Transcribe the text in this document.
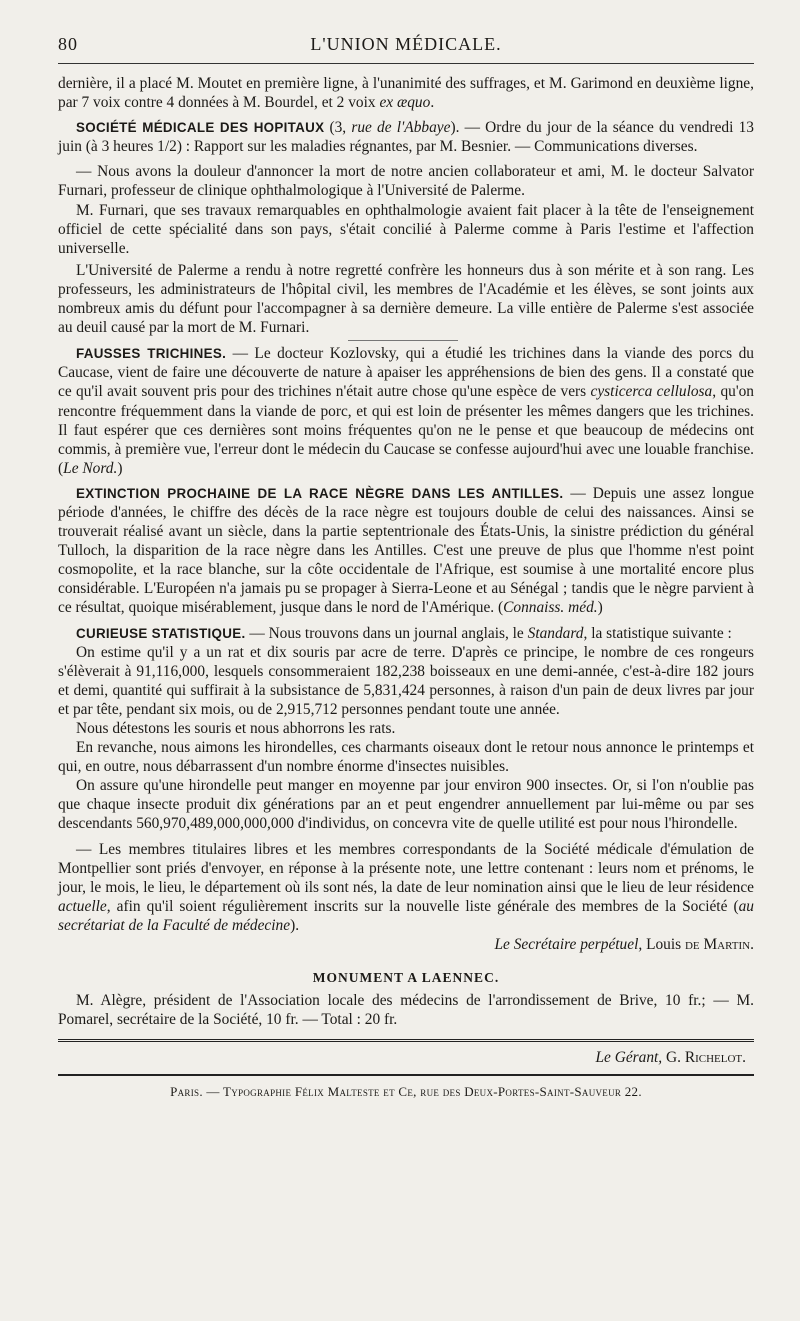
80	L'UNION MÉDICALE.

dernière, il a placé M. Moutet en première ligne, à l'unanimité des suffrages, et M. Garimond en deuxième ligne, par 7 voix contre 4 données à M. Bourdel, et 2 voix ex æquo.

SOCIÉTÉ MÉDICALE DES HOPITAUX (3, rue de l'Abbaye). — Ordre du jour de la séance du vendredi 13 juin (à 3 heures 1/2) : Rapport sur les maladies régnantes, par M. Besnier. — Communications diverses.

— Nous avons la douleur d'annoncer la mort de notre ancien collaborateur et ami, M. le docteur Salvator Furnari, professeur de clinique ophthalmologique à l'Université de Palerme.

M. Furnari, que ses travaux remarquables en ophthalmologie avaient fait placer à la tête de l'enseignement officiel de cette spécialité dans son pays, s'était concilié à Palerme comme à Paris l'estime et l'affection universelle.

L'Université de Palerme a rendu à notre regretté confrère les honneurs dus à son mérite et à son rang. Les professeurs, les administrateurs de l'hôpital civil, les membres de l'Académie et les élèves, se sont joints aux nombreux amis du défunt pour l'accompagner à sa dernière demeure. La ville entière de Palerme s'est associée au deuil causé par la mort de M. Furnari.

FAUSSES TRICHINES. — Le docteur Kozlovsky, qui a étudié les trichines dans la viande des porcs du Caucase, vient de faire une découverte de nature à apaiser les appréhensions de bien des gens. Il a constaté que ce qu'il avait souvent pris pour des trichines n'était autre chose qu'une espèce de vers cysticerca cellulosa, qu'on rencontre fréquemment dans la viande de porc, et qui est loin de présenter les mêmes dangers que les trichines. Il faut espérer que ces dernières sont moins fréquentes qu'on ne le pense et que beaucoup de médecins ont commis, à première vue, l'erreur dont le médecin du Caucase se confesse aujourd'hui avec une louable franchise. (Le Nord.)

EXTINCTION PROCHAINE DE LA RACE NÈGRE DANS LES ANTILLES. — Depuis une assez longue période d'années, le chiffre des décès de la race nègre est toujours double de celui des naissances. Ainsi se trouverait réalisé avant un siècle, dans la partie septentrionale des États-Unis, la sinistre prédiction du général Tulloch, la disparition de la race nègre dans les Antilles. C'est une preuve de plus que l'homme n'est point cosmopolite, et la race blanche, sur la côte occidentale de l'Afrique, est soumise à une mortalité encore plus considérable. L'Européen n'a jamais pu se propager à Sierra-Leone et au Sénégal ; tandis que le nègre parvient à ce résultat, quoique misérablement, jusque dans le nord de l'Amérique. (Connaiss. méd.)

CURIEUSE STATISTIQUE. — Nous trouvons dans un journal anglais, le Standard, la statistique suivante :

On estime qu'il y a un rat et dix souris par acre de terre. D'après ce principe, le nombre de ces rongeurs s'élèverait à 91,116,000, lesquels consommeraient 182,238 boisseaux en une demi-année, c'est-à-dire 182 jours et demi, quantité qui suffirait à la subsistance de 5,831,424 personnes, à raison d'un pain de deux livres par jour et par tête, pendant six mois, ou de 2,915,712 personnes pendant toute une année.

Nous détestons les souris et nous abhorrons les rats.

En revanche, nous aimons les hirondelles, ces charmants oiseaux dont le retour nous annonce le printemps et qui, en outre, nous débarrassent d'un nombre énorme d'insectes nuisibles.

On assure qu'une hirondelle peut manger en moyenne par jour environ 900 insectes. Or, si l'on n'oublie pas que chaque insecte produit dix générations par an et peut engendrer annuellement par lui-même ou par ses descendants 560,970,489,000,000,000 d'individus, on concevra vite de quelle utilité est pour nous l'hirondelle.

— Les membres titulaires libres et les membres correspondants de la Société médicale d'émulation de Montpellier sont priés d'envoyer, en réponse à la présente note, une lettre contenant : leurs nom et prénoms, le jour, le mois, le lieu, le département où ils sont nés, la date de leur nomination ainsi que le lieu de leur résidence actuelle, afin qu'il soient régulièrement inscrits sur la nouvelle liste générale des membres de la Société (au secrétariat de la Faculté de médecine).

Le Secrétaire perpétuel, Louis de Martin.
MONUMENT A LAENNEC.

M. Alègre, président de l'Association locale des médecins de l'arrondissement de Brive, 10 fr.; — M. Pomarel, secrétaire de la Société, 10 fr. — Total : 20 fr.

Le Gérant, G. Richelot.
Paris. — Typographie Félix Malteste et Ce, rue des Deux-Portes-Saint-Sauveur 22.
